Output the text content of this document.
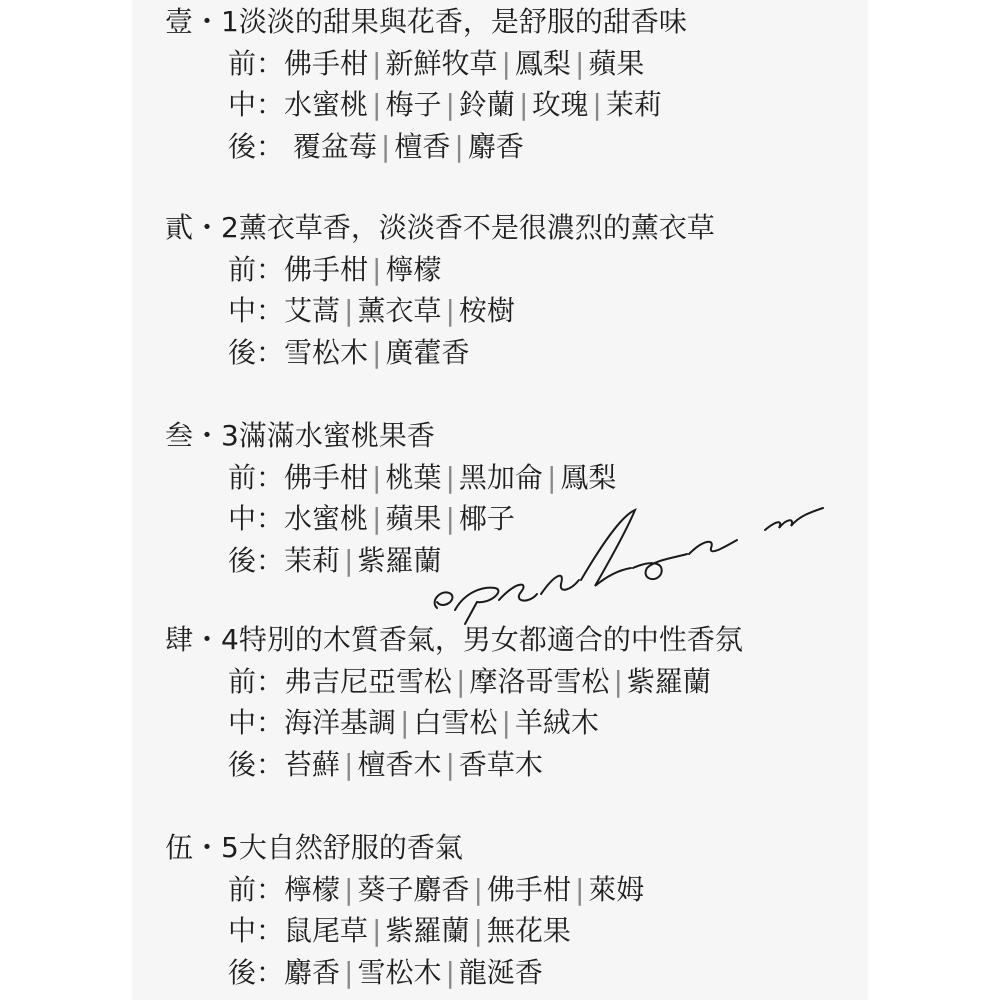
壹・1淡淡的甜果與花香，是舒服的甜香味
前：佛手柑 | 新鮮牧草 | 鳳梨 | 蘋果
中：水蜜桃 | 梅子 | 鈴蘭 | 玫瑰 | 茉莉
後： 覆盆莓 | 檀香 | 麝香
貳・2薰衣草香，淡淡香不是很濃烈的薰衣草
前：佛手柑 | 檸檬
中：艾蒿 | 薰衣草 | 桉樹
後：雪松木 | 廣藿香
叁・3滿滿水蜜桃果香
前：佛手柑 | 桃葉 | 黑加侖 | 鳳梨
中：水蜜桃 | 蘋果 | 椰子
後：茉莉 | 紫羅蘭
肆・4特別的木質香氣，男女都適合的中性香氛
前：弗吉尼亞雪松 | 摩洛哥雪松 | 紫羅蘭
中：海洋基調 | 白雪松 | 羊絨木
後：苔蘚 | 檀香木 | 香草木
伍・5大自然舒服的香氣
前：檸檬 | 葵子麝香 | 佛手柑 | 萊姆
中：鼠尾草 | 紫羅蘭 | 無花果
後：麝香 | 雪松木 | 龍涎香
